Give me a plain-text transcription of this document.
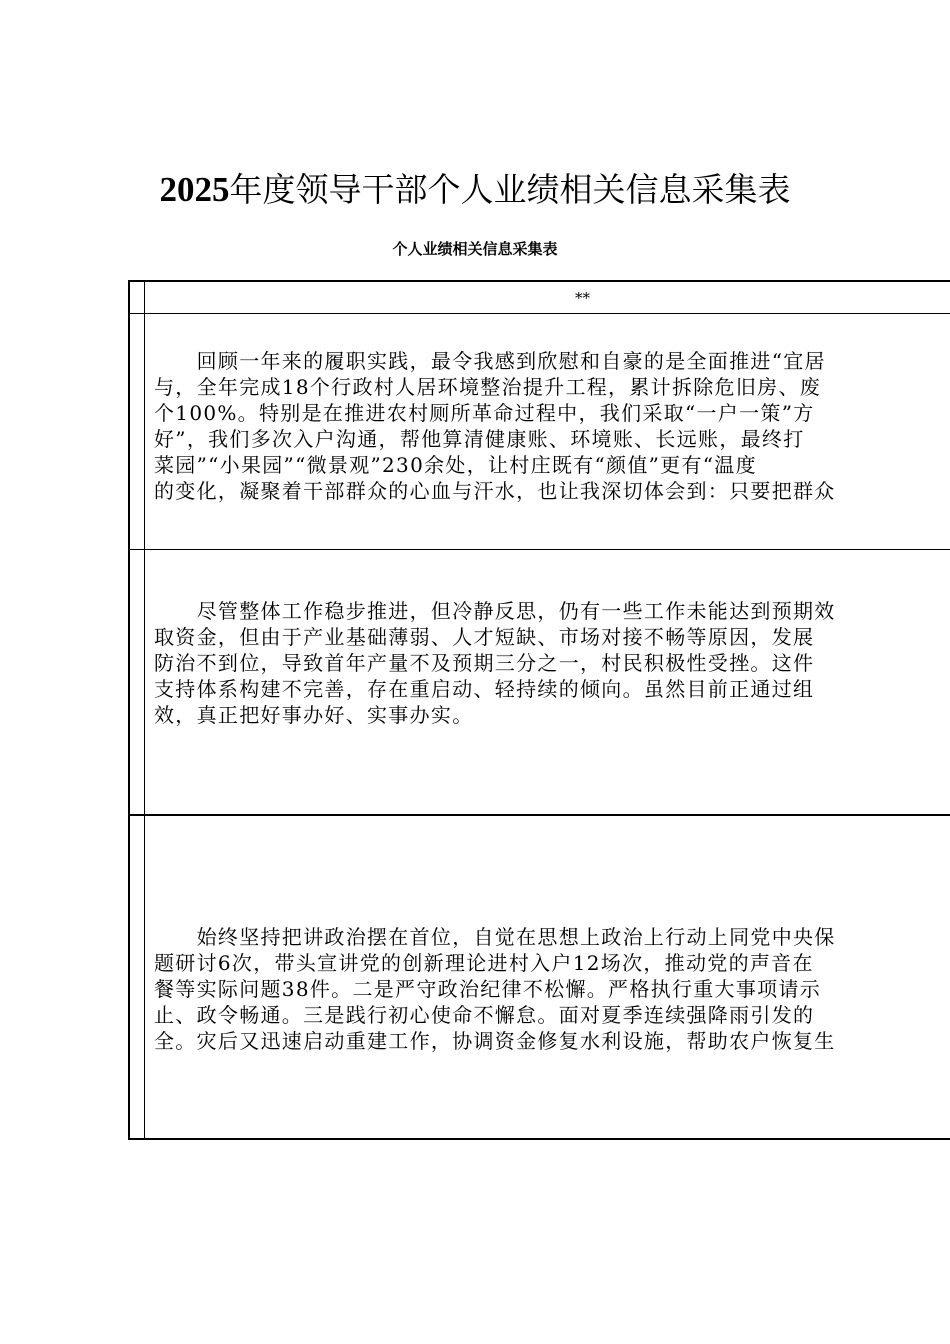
2025年度领导干部个人业绩相关信息采集表
个人业绩相关信息采集表
**

　　回顾一年来的履职实践，最令我感到欣慰和自豪的是全面推进“宜居
与，全年完成18个行政村人居环境整治提升工程，累计拆除危旧房、废
个100%。特别是在推进农村厕所革命过程中，我们采取“一户一策”方
好”，我们多次入户沟通，帮他算清健康账、环境账、长远账，最终打
菜园”“小果园”“微景观”230余处，让村庄既有“颜值”更有“温度
的变化，凝聚着干部群众的心血与汗水，也让我深切体会到：只要把群众

　　尽管整体工作稳步推进，但冷静反思，仍有一些工作未能达到预期效
取资金，但由于产业基础薄弱、人才短缺、市场对接不畅等原因，发展
防治不到位，导致首年产量不及预期三分之一，村民积极性受挫。这件
支持体系构建不完善，存在重启动、轻持续的倾向。虽然目前正通过组
效，真正把好事办好、实事办实。

　　始终坚持把讲政治摆在首位，自觉在思想上政治上行动上同党中央保
题研讨6次，带头宣讲党的创新理论进村入户12场次，推动党的声音在
餐等实际问题38件。二是严守政治纪律不松懈。严格执行重大事项请示
止、政令畅通。三是践行初心使命不懈怠。面对夏季连续强降雨引发的
全。灾后又迅速启动重建工作，协调资金修复水利设施，帮助农户恢复生
